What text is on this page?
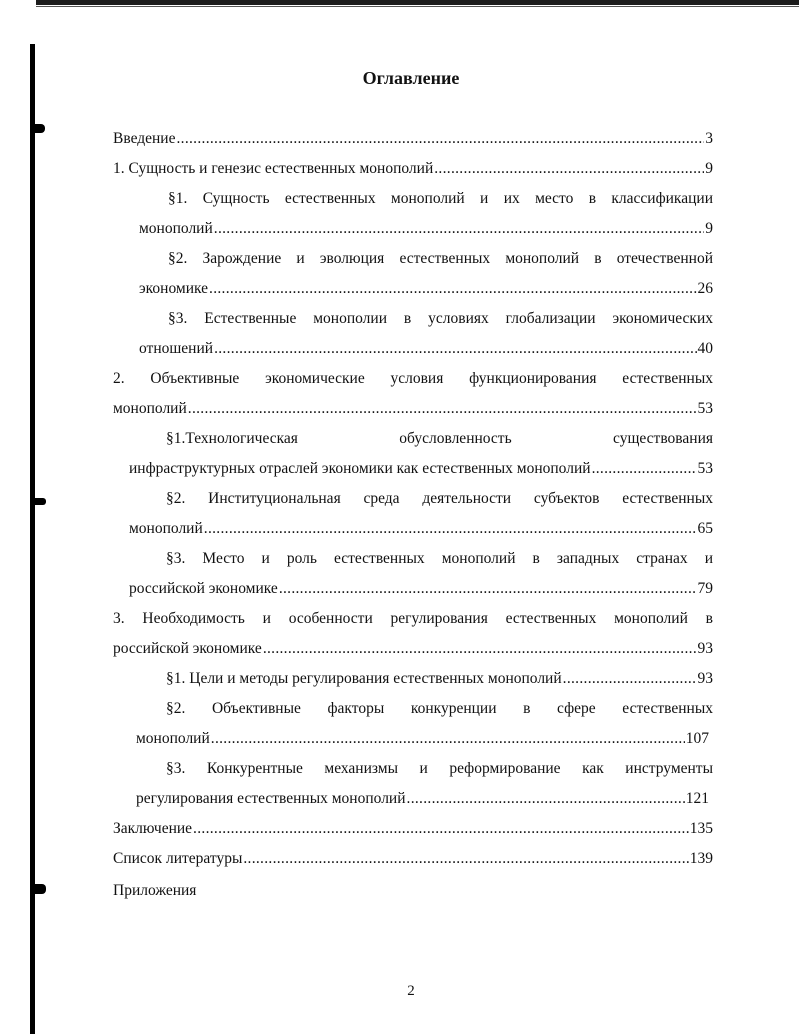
Оглавление
Введение .....	3
1. Сущность и генезис естественных монополий .....	9
§1. Сущность естественных монополий и их место в классификации
монополий .....	9
§2. Зарождение и эволюция естественных монополий в отечественной
экономике .....	26
§3. Естественные монополии в условиях глобализации экономических
отношений .....	40
2. Объективные экономические условия функционирования естественных
монополий .....	53
§1.Технологическая обусловленность существования
инфраструктурных отраслей экономики как естественных монополий .....	53
§2. Институциональная среда деятельности субъектов естественных
монополий .....	65
§3. Место и роль естественных монополий в западных странах и
российской экономике .....	79
3. Необходимость и особенности регулирования естественных монополий в
российской экономике .....	93
§1. Цели и методы регулирования естественных монополий .....	93
§2. Объективные факторы конкуренции в сфере естественных
монополий .....	107
§3. Конкурентные механизмы и реформирование как инструменты
регулирования естественных монополий .....	121
Заключение .....	135
Список литературы .....	139
Приложения
2
